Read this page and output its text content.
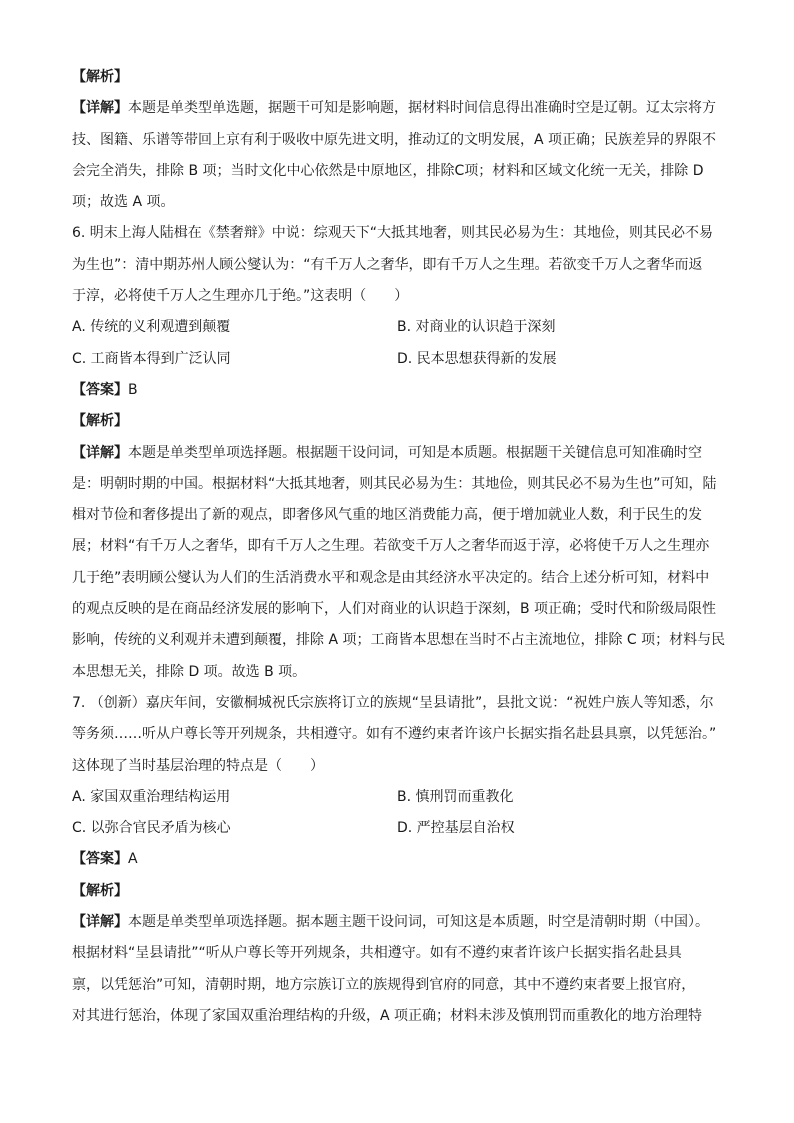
【解析】
【详解】本题是单类型单选题，据题干可知是影响题，据材料时间信息得出准确时空是辽朝。辽太宗将方
技、图籍、乐谱等带回上京有利于吸收中原先进文明，推动辽的文明发展，A 项正确；民族差异的界限不
会完全消失，排除 B 项；当时文化中心依然是中原地区，排除C项；材料和区域文化统一无关，排除 D
项；故选 A 项。
6. 明末上海人陆楫在《禁奢辩》中说：综观天下“大抵其地奢，则其民必易为生：其地俭，则其民必不易
为生也”：清中期苏州人顾公燮认为：“有千万人之奢华，即有千万人之生理。若欲变千万人之奢华而返
于淳，必将使千万人之生理亦几于绝。”这表明（　　）
A. 传统的义利观遭到颠覆	B. 对商业的认识趋于深刻
C. 工商皆本得到广泛认同	D. 民本思想获得新的发展
【答案】B
【解析】
【详解】本题是单类型单项选择题。根据题干设问词，可知是本质题。根据题干关键信息可知准确时空
是：明朝时期的中国。根据材料“大抵其地奢，则其民必易为生：其地俭，则其民必不易为生也”可知，陆
楫对节俭和奢侈提出了新的观点，即奢侈风气重的地区消费能力高，便于增加就业人数，利于民生的发
展；材料“有千万人之奢华，即有千万人之生理。若欲变千万人之奢华而返于淳，必将使千万人之生理亦
几于绝”表明顾公燮认为人们的生活消费水平和观念是由其经济水平决定的。结合上述分析可知，材料中
的观点反映的是在商品经济发展的影响下，人们对商业的认识趋于深刻，B 项正确；受时代和阶级局限性
影响，传统的义利观并未遭到颠覆，排除 A 项；工商皆本思想在当时不占主流地位，排除 C 项；材料与民
本思想无关，排除 D 项。故选 B 项。
7. （创新）嘉庆年间，安徽桐城祝氏宗族将订立的族规“呈县请批”，县批文说：“祝姓户族人等知悉，尔
等务须……听从户尊长等开列规条，共相遵守。如有不遵约束者许该户长据实指名赴县具禀，以凭惩治。”
这体现了当时基层治理的特点是（　　）
A. 家国双重治理结构运用	B. 慎刑罚而重教化
C. 以弥合官民矛盾为核心	D. 严控基层自治权
【答案】A
【解析】
【详解】本题是单类型单项选择题。据本题主题干设问词，可知这是本质题，时空是清朝时期（中国）。
根据材料“呈县请批”“听从户尊长等开列规条，共相遵守。如有不遵约束者许该户长据实指名赴县具
禀，以凭惩治”可知，清朝时期，地方宗族订立的族规得到官府的同意，其中不遵约束者要上报官府，
对其进行惩治，体现了家国双重治理结构的升级，A 项正确；材料未涉及慎刑罚而重教化的地方治理特
